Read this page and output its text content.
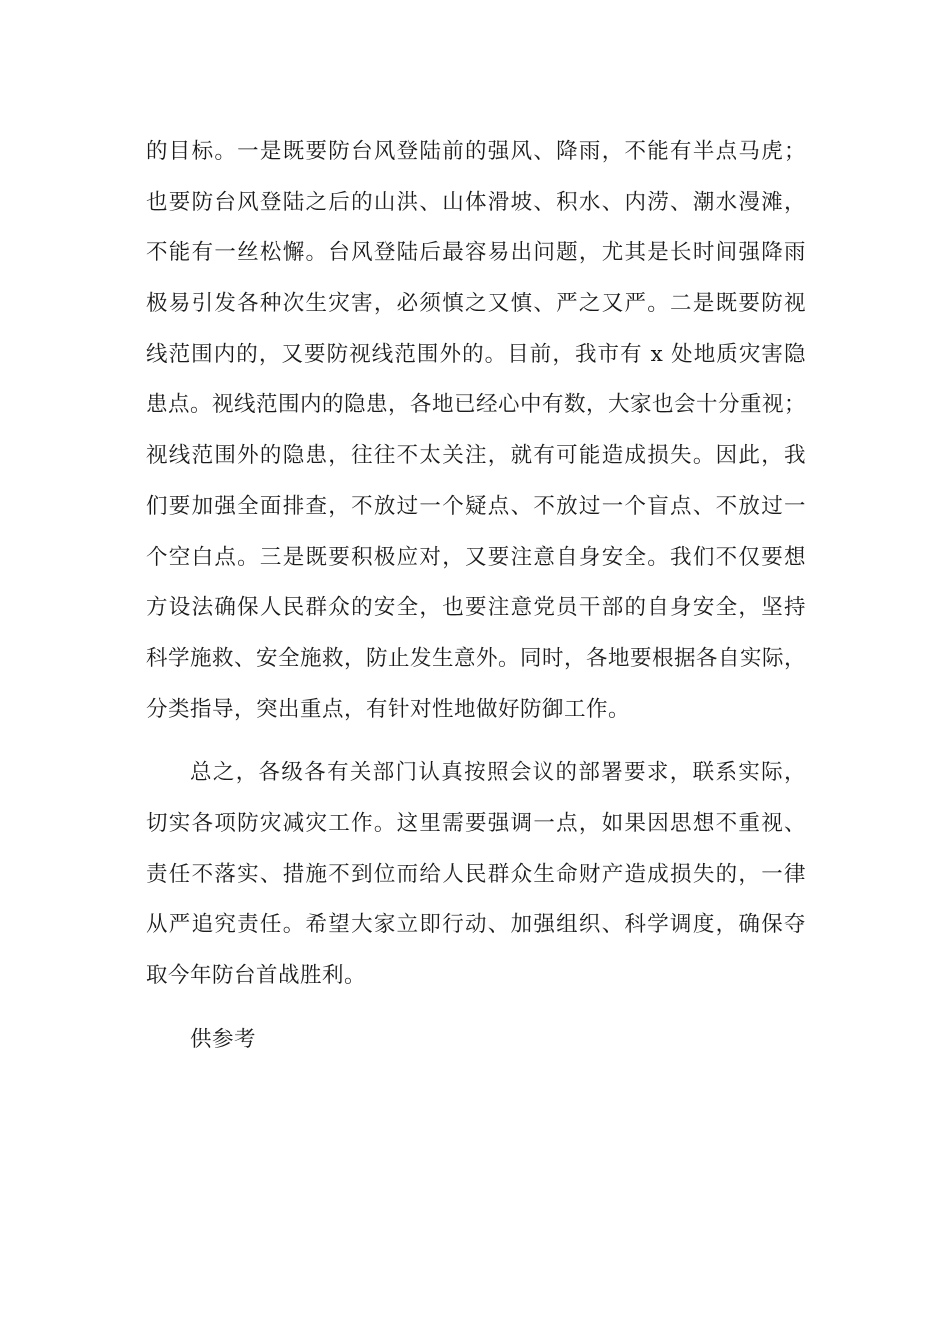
的目标。一是既要防台风登陆前的强风、降雨，不能有半点马虎；
也要防台风登陆之后的山洪、山体滑坡、积水、内涝、潮水漫滩，
不能有一丝松懈。台风登陆后最容易出问题，尤其是长时间强降雨
极易引发各种次生灾害，必须慎之又慎、严之又严。二是既要防视
线范围内的，又要防视线范围外的。目前，我市有 x 处地质灾害隐
患点。视线范围内的隐患，各地已经心中有数，大家也会十分重视；
视线范围外的隐患，往往不太关注，就有可能造成损失。因此，我
们要加强全面排查，不放过一个疑点、不放过一个盲点、不放过一
个空白点。三是既要积极应对，又要注意自身安全。我们不仅要想
方设法确保人民群众的安全，也要注意党员干部的自身安全，坚持
科学施救、安全施救，防止发生意外。同时，各地要根据各自实际，
分类指导，突出重点，有针对性地做好防御工作。
总之，各级各有关部门认真按照会议的部署要求，联系实际，
切实各项防灾减灾工作。这里需要强调一点，如果因思想不重视、
责任不落实、措施不到位而给人民群众生命财产造成损失的，一律
从严追究责任。希望大家立即行动、加强组织、科学调度，确保夺
取今年防台首战胜利。
供参考
